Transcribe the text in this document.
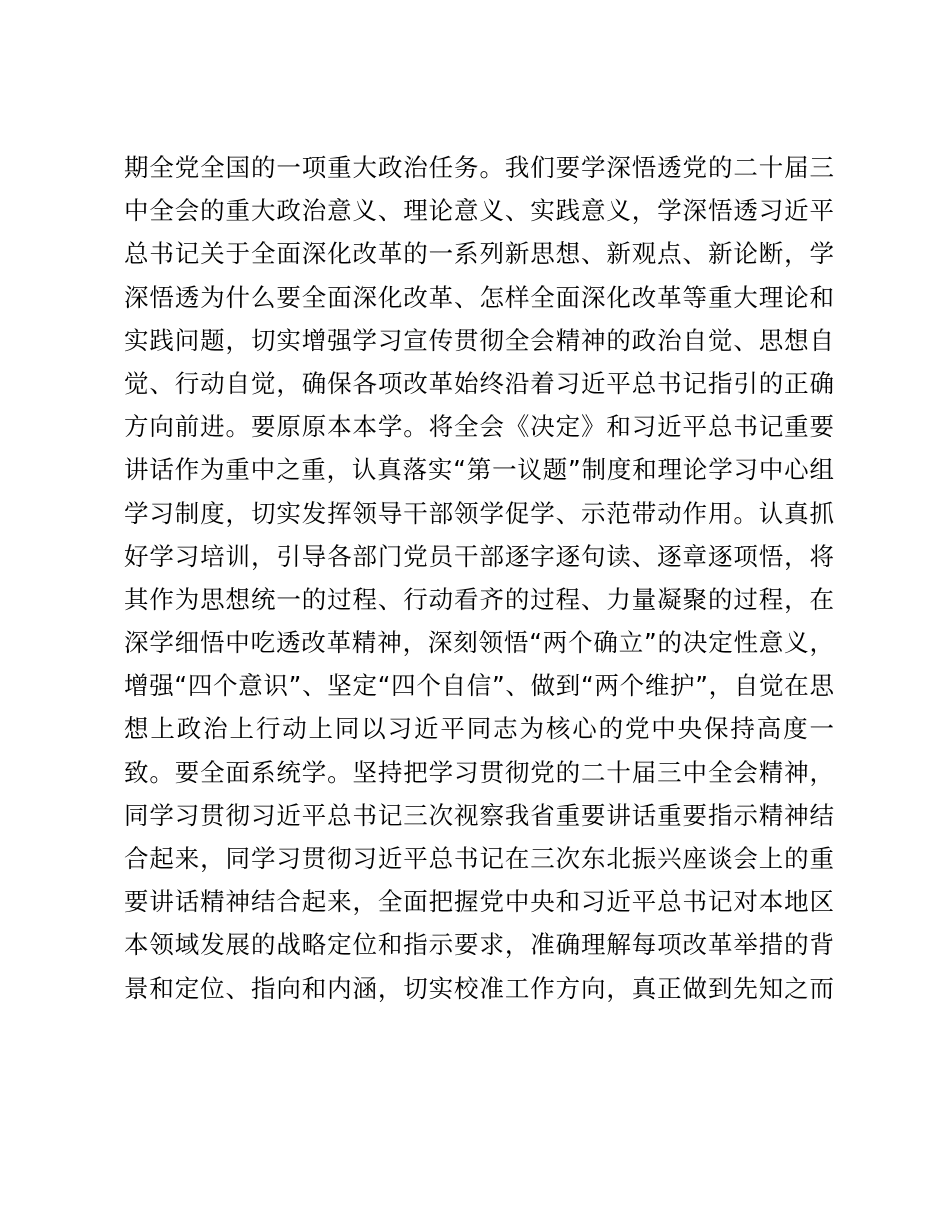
期全党全国的一项重大政治任务。我们要学深悟透党的二十届三
中全会的重大政治意义、理论意义、实践意义，学深悟透习近平
总书记关于全面深化改革的一系列新思想、新观点、新论断，学
深悟透为什么要全面深化改革、怎样全面深化改革等重大理论和
实践问题，切实增强学习宣传贯彻全会精神的政治自觉、思想自
觉、行动自觉，确保各项改革始终沿着习近平总书记指引的正确
方向前进。要原原本本学。将全会《决定》和习近平总书记重要
讲话作为重中之重，认真落实“第一议题”制度和理论学习中心组
学习制度，切实发挥领导干部领学促学、示范带动作用。认真抓
好学习培训，引导各部门党员干部逐字逐句读、逐章逐项悟，将
其作为思想统一的过程、行动看齐的过程、力量凝聚的过程，在
深学细悟中吃透改革精神，深刻领悟“两个确立”的决定性意义，
增强“四个意识”、坚定“四个自信”、做到“两个维护”，自觉在思
想上政治上行动上同以习近平同志为核心的党中央保持高度一
致。要全面系统学。坚持把学习贯彻党的二十届三中全会精神，
同学习贯彻习近平总书记三次视察我省重要讲话重要指示精神结
合起来，同学习贯彻习近平总书记在三次东北振兴座谈会上的重
要讲话精神结合起来，全面把握党中央和习近平总书记对本地区
本领域发展的战略定位和指示要求，准确理解每项改革举措的背
景和定位、指向和内涵，切实校准工作方向，真正做到先知之而
